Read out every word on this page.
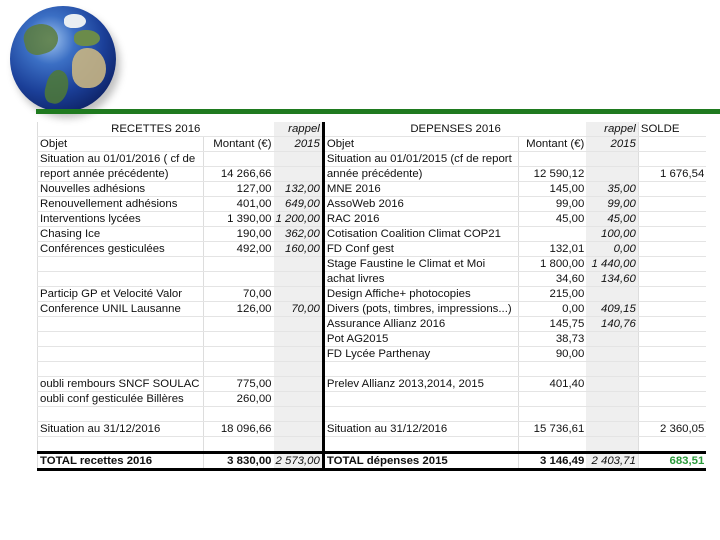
RECETTES 2016		rappel	DEPENSES 2016		rappel	SOLDE
Objet	Montant (€)	2015	Objet	Montant (€)	2015	
Situation au 01/01/2016 ( cf de			Situation au 01/01/2015 (cf de report			
report année précédente)	14 266,66		année précédente)	12 590,12		1 676,54
Nouvelles adhésions	127,00	132,00	MNE 2016	145,00	35,00	
Renouvellement adhésions	401,00	649,00	AssoWeb 2016	99,00	99,00	
Interventions lycées	1 390,00	1 200,00	RAC 2016	45,00	45,00	
Chasing Ice	190,00	362,00	Cotisation Coalition Climat COP21		100,00	
Conférences gesticulées	492,00	160,00	FD Conf gest	132,01	0,00	
			Stage Faustine le Climat et Moi	1 800,00	1 440,00	
			achat livres	34,60	134,60	
Particip GP et Velocité Valor	70,00		Design Affiche+ photocopies	215,00		
Conference UNIL Lausanne	126,00	70,00	Divers (pots, timbres, impressions...)	0,00	409,15	
			Assurance Allianz 2016	145,75	140,76	
			Pot AG2015	38,73		
			FD Lycée Parthenay	90,00		

oubli rembours SNCF SOULAC	775,00		Prelev Allianz 2013,2014, 2015	401,40		
oubli conf gesticulée Billères	260,00					

Situation au 31/12/2016	18 096,66		Situation au 31/12/2016	15 736,61		2 360,05

TOTAL recettes 2016	3 830,00	2 573,00	TOTAL dépenses 2015	3 146,49	2 403,71	683,51
